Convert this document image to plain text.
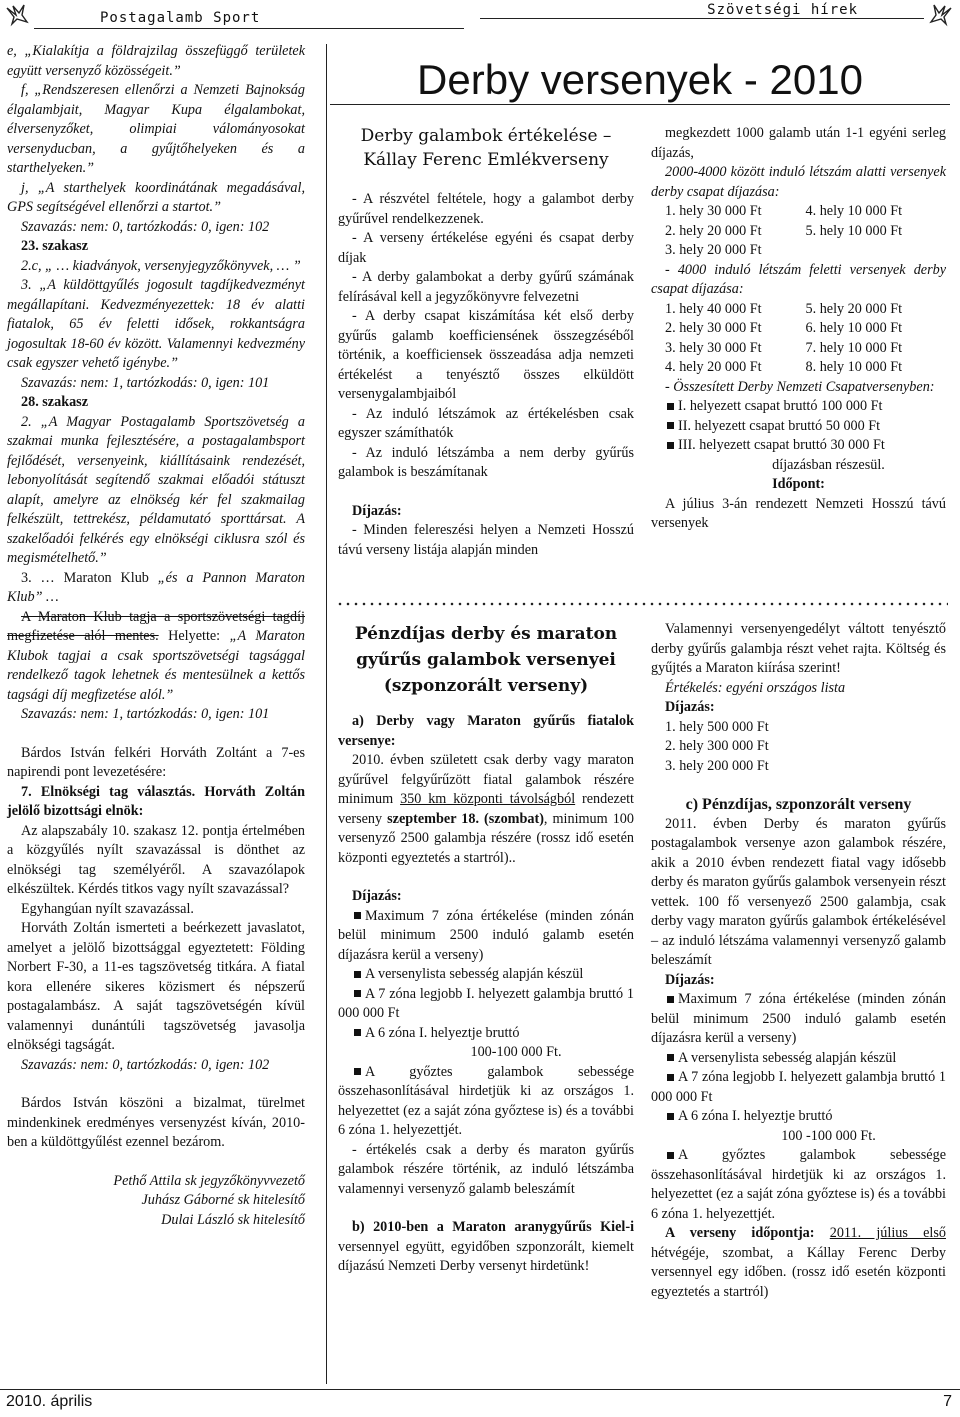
Postagalamb Sport	Szövetségi hírek

e, „Kialakítja a földrajzilag összefüggő területek együtt versenyző közösségeit.”

f, „Rendszeresen ellenőrzi a Nemzeti Bajnokság élgalambjait, Magyar Kupa élgalambokat, élversenyzőket, olimpiai válományosokat versenyducban, a gyűjtőhelyeken és a starthelyeken.”

j, „A starthelyek koordinátának megadásával, GPS segítségével ellenőrzi a startot.”

Szavazás: nem: 0, tartózkodás: 0, igen: 102

23. szakasz

2.c, „ … kiadványok, versenyjegyzőkönyvek, … ”

3. „A küldöttgyűlés jogosult tagdíjkedvezményt megállapítani. Kedvezményezettek: 18 év alatti fiatalok, 65 év feletti idősek, rokkantságra jogosultak 18-60 év között. Valamennyi kedvezmény csak egyszer vehető igénybe.”

Szavazás: nem: 1, tartózkodás: 0, igen: 101

28. szakasz

2. „A Magyar Postagalamb Sportszövetség a szakmai munka fejlesztésére, a postagalambsport fejlődését, versenyeink, kiállításaink rendezését, lebonyolítását segítendő szakmai előadói státuszt alapít, amelyre az elnökség kér fel szakmailag felkészült, tettrekész, példamutató sporttársat. A szakelőadói felkérés egy elnökségi ciklusra szól és megismételhető.”

3. … Maraton Klub „és a Pannon Maraton Klub” …

A Maraton Klub tagja a sportszövetségi tagdíj megfizetése alól mentes. Helyette: „A Maraton Klubok tagjai a csak sportszövetségi tagsággal rendelkező tagok lehetnek és mentesülnek a kettős tagsági díj megfizetése alól.”

Szavazás: nem: 1, tartózkodás: 0, igen: 101

Bárdos István felkéri Horváth Zoltánt a 7-es napirendi pont levezetésére:

7. Elnökségi tag választás. Horváth Zoltán jelölő bizottsági elnök:

Az alapszabály 10. szakasz 12. pontja értelmében a közgyűlés nyílt szavazással is dönthet az elnökségi tag személyéről. A szavazólapok elkészültek. Kérdés titkos vagy nyílt szavazással?

Egyhangúan nyílt szavazással.

Horváth Zoltán ismerteti a beérkezett javaslatot, amelyet a jelölő bizottsággal egyeztetett: Földing Norbert F-30, a 11-es tagszövetség titkára. A fiatal kora ellenére sikeres közismert és népszerű postagalambász. A saját tagszövetségén kívül valamennyi dunántúli tagszövetség javasolja elnökségi tagságát.

Szavazás: nem: 0, tartózkodás: 0, igen: 102

Bárdos István köszöni a bizalmat, türelmet mindenkinek eredményes versenyzést kíván, 2010-ben a küldöttgyűlést ezennel bezárom.

Pethő Attila sk jegyzőkönyvvezető

Juhász Gáborné sk hitelesítő

Dulai László sk hitelesítő

Derby versenyek - 2010
Derby galambok értékelése –
Kállay Ferenc Emlékverseny

- A részvétel feltétele, hogy a galambot derby gyűrűvel rendelkezzenek.

- A verseny értékelése egyéni és csapat derby díjak

- A derby galambokat a derby gyűrű számának felírásával kell a jegyzőkönyvre felvezetni

- A derby csapat kiszámítása két első derby gyűrűs galamb koefficiensének összegzéséből történik, a koefficiensek összeadása adja nemzeti értékelést a tenyésztő összes elküldött versenygalambjaiból

- Az induló létszámok az értékelésben csak egyszer számíthatók

- Az induló létszámba a nem derby gyűrűs galambok is beszámítanak

Díjazás:

- Minden felereszési helyen a Nemzeti Hosszú távú verseny listája alapján minden

megkezdett 1000 galamb után 1-1 egyéni serleg díjazás,

2000-4000 között induló létszám alatti versenyek derby csapat díjazása:

1. hely 30 000 Ft	4. hely 10 000 Ft
2. hely 20 000 Ft	5. hely 10 000 Ft
3. hely 20 000 Ft

- 4000 induló létszám feletti versenyek derby csapat díjazása:

1. hely 40 000 Ft	5. hely 20 000 Ft
2. hely 30 000 Ft	6. hely 10 000 Ft
3. hely 30 000 Ft	7. hely 10 000 Ft
4. hely 20 000 Ft	8. hely 10 000 Ft

- Összesített Derby Nemzeti Csapatversenyben:

I. helyezett csapat bruttó 100 000 Ft

II. helyezett csapat bruttó 50 000 Ft

III. helyezett csapat bruttó 30 000 Ft

díjazásban részesül.

Időpont:

A július 3-án rendezett Nemzeti Hosszú távú versenyek

Pénzdíjas derby és maraton
gyűrűs galambok versenyei
(szponzorált verseny)

a) Derby vagy Maraton gyűrűs fiatalok versenye:

2010. évben született csak derby vagy maraton gyűrűvel felgyűrűzött fiatal galambok részére minimum 350 km központi távolságból rendezett verseny szeptember 18. (szombat), minimum 100 versenyző 2500 galambja részére (rossz idő esetén központi egyeztetés a startról)..

Díjazás:

Maximum 7 zóna értékelése (minden zónán belül minimum 2500 induló galamb esetén díjazásra kerül a verseny)

A versenylista sebesség alapján készül

A 7 zóna legjobb I. helyezett galambja bruttó 1 000 000 Ft

A 6 zóna I. helyeztje bruttó

100-100 000 Ft.

A győztes galambok sebessége összehasonlításával hirdetjük ki az országos 1. helyezettet (ez a saját zóna győztese is) és a további 6 zóna 1. helyezettjét.

- értékelés csak a derby és maraton gyűrűs galambok részére történik, az induló létszámba valamennyi versenyző galamb beleszámít

b) 2010-ben a Maraton aranygyűrűs Kiel-i versennyel együtt, egyidőben szponzorált, kiemelt díjazású Nemzeti Derby versenyt hirdetünk!

Valamennyi versenyengedélyt váltott tenyésztő derby gyűrűs galambja részt vehet rajta. Költség és gyűjtés a Maraton kiírása szerint!

Értékelés: egyéni országos lista

Díjazás:

1. hely 500 000 Ft

2. hely 300 000 Ft

3. hely 200 000 Ft

c) Pénzdíjas, szponzorált verseny

2011. évben Derby és maraton gyűrűs postagalambok versenye azon galambok részére, akik a 2010 évben rendezett fiatal vagy idősebb derby és maraton gyűrűs galambok versenyein részt vettek. 100 fő versenyező 2500 galambja, csak derby vagy maraton gyűrűs galambok értékelésével – az induló létszáma valamennyi versenyző galamb beleszámít

Díjazás:

Maximum 7 zóna értékelése (minden zónán belül minimum 2500 induló galamb esetén díjazásra kerül a verseny)

A versenylista sebesség alapján készül

A 7 zóna legjobb I. helyezett galambja bruttó 1 000 000 Ft

A 6 zóna I. helyeztje bruttó

100 -100 000 Ft.

A győztes galambok sebessége összehasonlításával hirdetjük ki az országos 1. helyezettet (ez a saját zóna győztese is) és a további 6 zóna 1. helyezettjét.

A verseny időpontja: 2011. július első hétvégéje, szombat, a Kállay Ferenc Derby versennyel egy időben. (rossz idő esetén központi egyeztetés a startról)

2010. április	7
